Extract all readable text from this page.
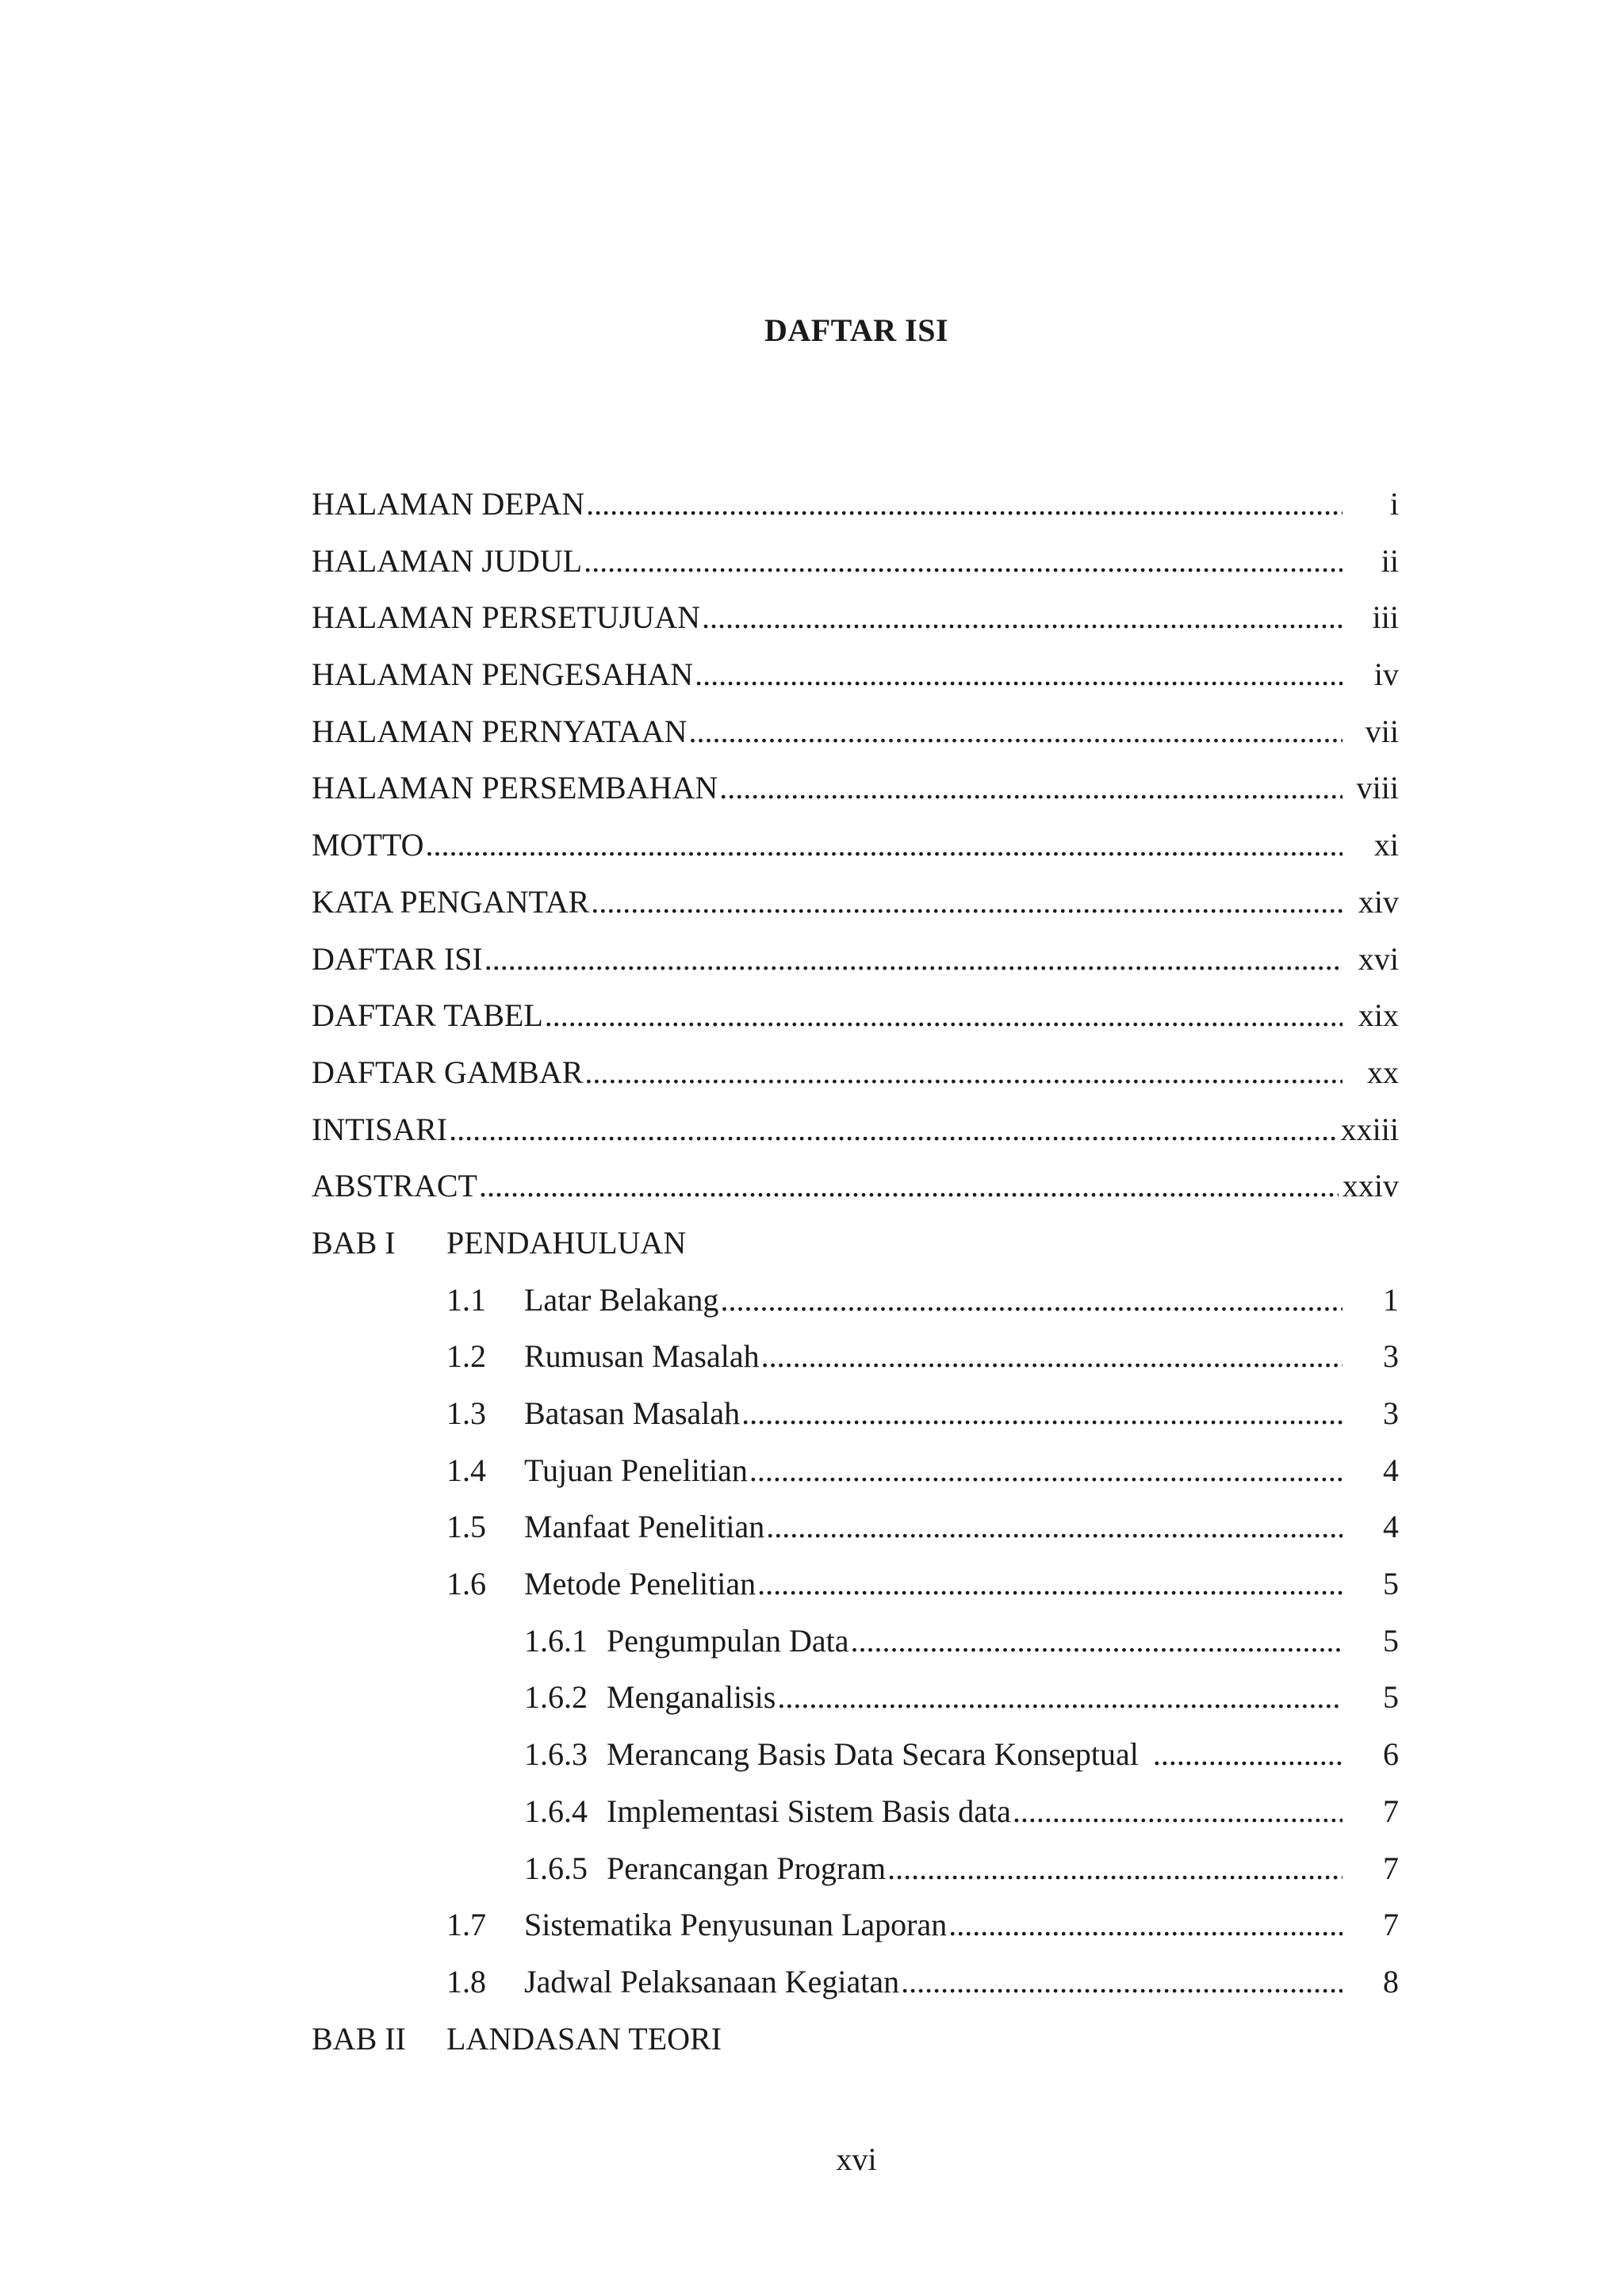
DAFTAR ISI
HALAMAN DEPAN .....	i
HALAMAN JUDUL .....	ii
HALAMAN PERSETUJUAN .....	iii
HALAMAN PENGESAHAN .....	iv
HALAMAN PERNYATAAN .....	vii
HALAMAN PERSEMBAHAN .....	viii
MOTTO .....	xi
KATA PENGANTAR .....	xiv
DAFTAR ISI .....	xvi
DAFTAR TABEL .....	xix
DAFTAR GAMBAR .....	xx
INTISARI .....	xxiii
ABSTRACT .....	xxiv
BAB I PENDAHULUAN
1.1 Latar Belakang .....	1
1.2 Rumusan Masalah .....	3
1.3 Batasan Masalah .....	3
1.4 Tujuan Penelitian .....	4
1.5 Manfaat Penelitian .....	4
1.6 Metode Penelitian .....	5
1.6.1 Pengumpulan Data .....	5
1.6.2 Menganalisis .....	5
1.6.3 Merancang Basis Data Secara Konseptual .....	6
1.6.4 Implementasi Sistem Basis data .....	7
1.6.5 Perancangan Program .....	7
1.7 Sistematika Penyusunan Laporan .....	7
1.8 Jadwal Pelaksanaan Kegiatan .....	8
BAB II LANDASAN TEORI
xvi
